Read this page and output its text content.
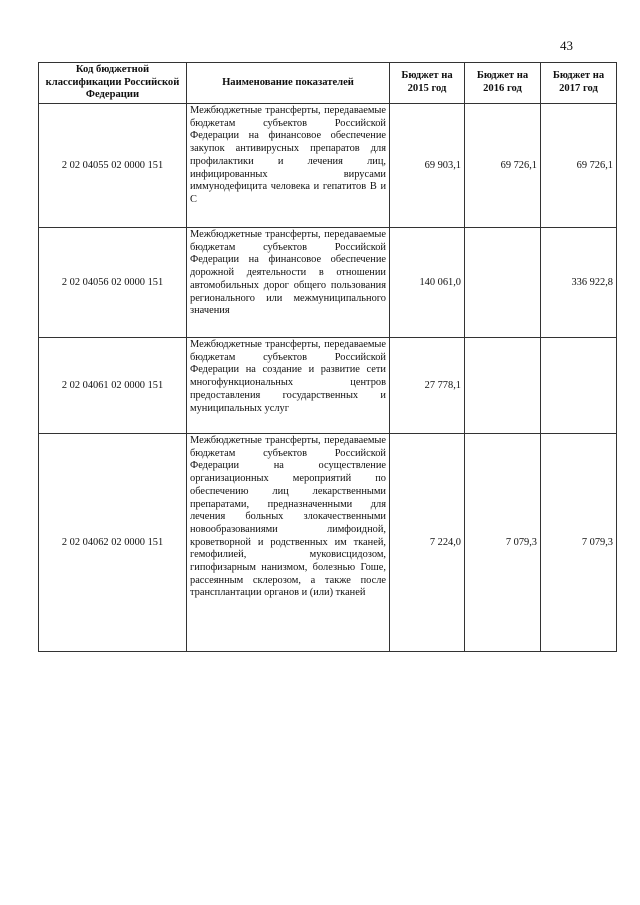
43
Код бюджетной классификации Российской Федерации	Наименование показателей	Бюджет на 2015 год	Бюджет на 2016 год	Бюджет на 2017 год
2 02 04055 02 0000 151	Межбюджетные трансферты, передаваемые бюджетам субъектов Российской Федерации на финансовое обеспечение закупок антивирусных препаратов для профилактики и лечения лиц, инфицированных вирусами иммунодефицита человека и гепатитов В и С	69 903,1	69 726,1	69 726,1
2 02 04056 02 0000 151	Межбюджетные трансферты, передаваемые бюджетам субъектов Российской Федерации на финансовое обеспечение дорожной деятельности в отношении автомобильных дорог общего пользования регионального или межмуниципального значения	140 061,0		336 922,8
2 02 04061 02 0000 151	Межбюджетные трансферты, передаваемые бюджетам субъектов Российской Федерации на создание и развитие сети многофункциональных центров предоставления государственных и муниципальных услуг	27 778,1		
2 02 04062 02 0000 151	Межбюджетные трансферты, передаваемые бюджетам субъектов Российской Федерации на осуществление организационных мероприятий по обеспечению лиц лекарственными препаратами, предназначенными для лечения больных злокачественными новообразованиями лимфоидной, кроветворной и родственных им тканей, гемофилией, муковисцидозом, гипофизарным нанизмом, болезнью Гоше, рассеянным склерозом, а также после трансплантации органов и (или) тканей	7 224,0	7 079,3	7 079,3
